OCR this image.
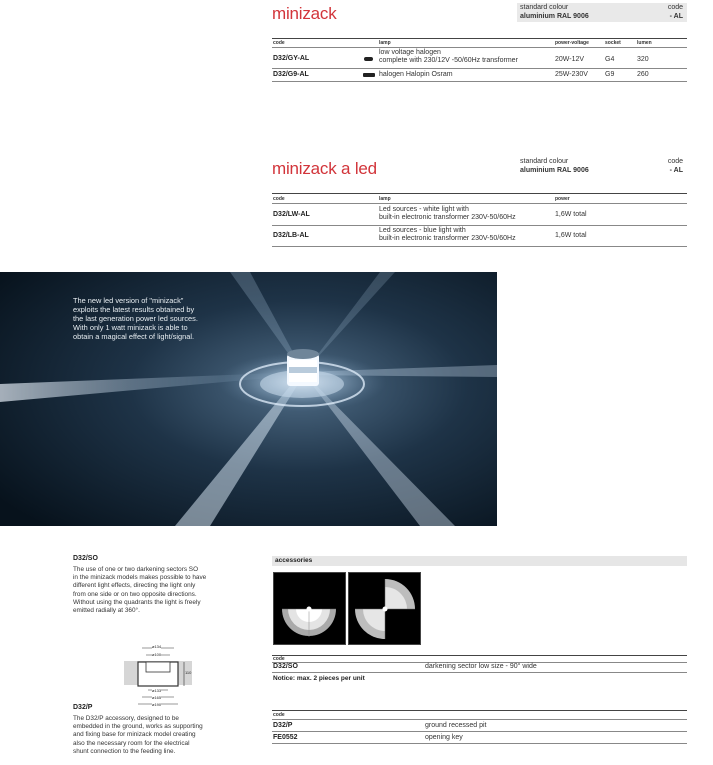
minizack	standard colour
aluminium RAL 9006
code
- AL
code	lamp	power-voltage	socket	lumen
D32/GY-AL
low voltage halogen
complete with 230/12V -50/60Hz transformer	20W-12V	G4	320
D32/G9-AL	halogen Halopin Osram	25W-230V G9	260
minizack a led	standard colour
aluminium RAL 9006
code
- AL
code	lamp	power
D32/LW-AL
Led sources - white light with
built-in electronic transformer 230V-50/60Hz	1,6W total
D32/LB-AL
Led sources - blue light with
built-in electronic transformer 230V-50/60Hz	1,6W total
The new led version of "minizack"
exploits the latest results obtained by
the last generation power led sources.
With only 1 watt minizack is able to
obtain a magical effect of light/signal.
D32/SO
The use of one or two darkening sectors SO
in the minizack models makes possible to have
different light effects, directing the light only
from one side or on two opposite directions.
Without using the quadrants the light is freely
emitted radially at 360°.
ø134
ø100
ø133
ø165
ø190
110
D32/P
The D32/P accessory, designed to be
embedded in the ground, works as supporting
and fixing base for minizack model creating
also the necessary room for the electrical
shunt connection to the feeding line.
accessories
code
D32/SO	darkening sector low size - 90° wide
Notice: max. 2 pieces per unit
code
D32/P	ground recessed pit
FE0552	opening key
